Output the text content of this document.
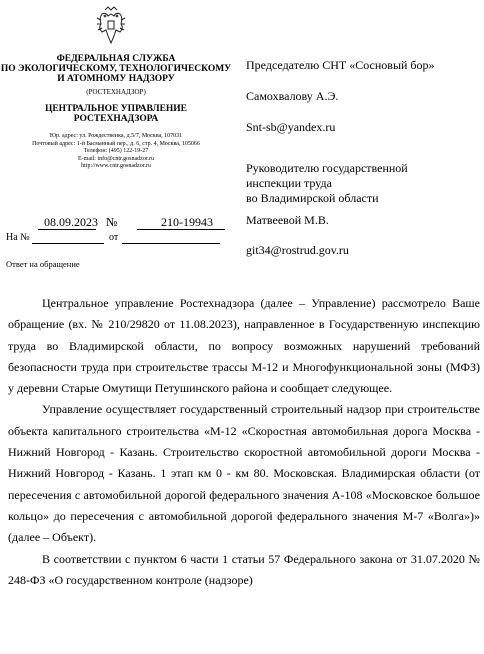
ФЕДЕРАЛЬНАЯ СЛУЖБА
ПО ЭКОЛОГИЧЕСКОМУ, ТЕХНОЛОГИЧЕСКОМУ
И АТОМНОМУ НАДЗОРУ
(РОСТЕХНАДЗОР)
ЦЕНТРАЛЬНОЕ УПРАВЛЕНИЕ
РОСТЕХНАДЗОРА
Юр. адрес: ул. Рождественка, д.5/7, Москва, 107031
Почтовый адрес: 1-й Басманный пер., д. 6, стр. 4, Москва, 105066
Телефон: (495) 122-19-27
E-mail: info@cntr.gosnadzor.ru
http://www.cntr.gosnadzor.ru
Председателю СНТ «Сосновый бор»
Самохвалову А.Э.
Snt-sb@yandex.ru
Руководителю государственной
инспекции труда
во Владимирской области
Матвеевой М.В.
git34@rostrud.gov.ru
08.09.2023 №	210-19943
На №	от
Ответ на обращение

Центральное управление Ростехнадзора (далее – Управление) рассмотрело Ваше обращение (вх. № 210/29820 от 11.08.2023), направленное в Государственную инспекцию труда во Владимирской области, по вопросу возможных нарушений требований безопасности труда при строительстве трассы М-12 и Многофункциональной зоны (МФЗ) у деревни Старые Омутищи Петушинского района и сообщает следующее.

Управление осуществляет государственный строительный надзор при строительстве объекта капитального строительства «М-12 «Скоростная автомобильная дорога Москва - Нижний Новгород - Казань. Строительство скоростной автомобильной дороги Москва - Нижний Новгород - Казань. 1 этап км 0 - км 80. Московская. Владимирская области (от пересечения с автомобильной дорогой федерального значения А-108 «Московское большое кольцо» до пересечения с автомобильной дорогой федерального значения М-7 «Волга»)» (далее – Объект).

В соответствии с пунктом 6 части 1 статьи 57 Федерального закона от 31.07.2020 № 248-ФЗ «О государственном контроле (надзоре)
